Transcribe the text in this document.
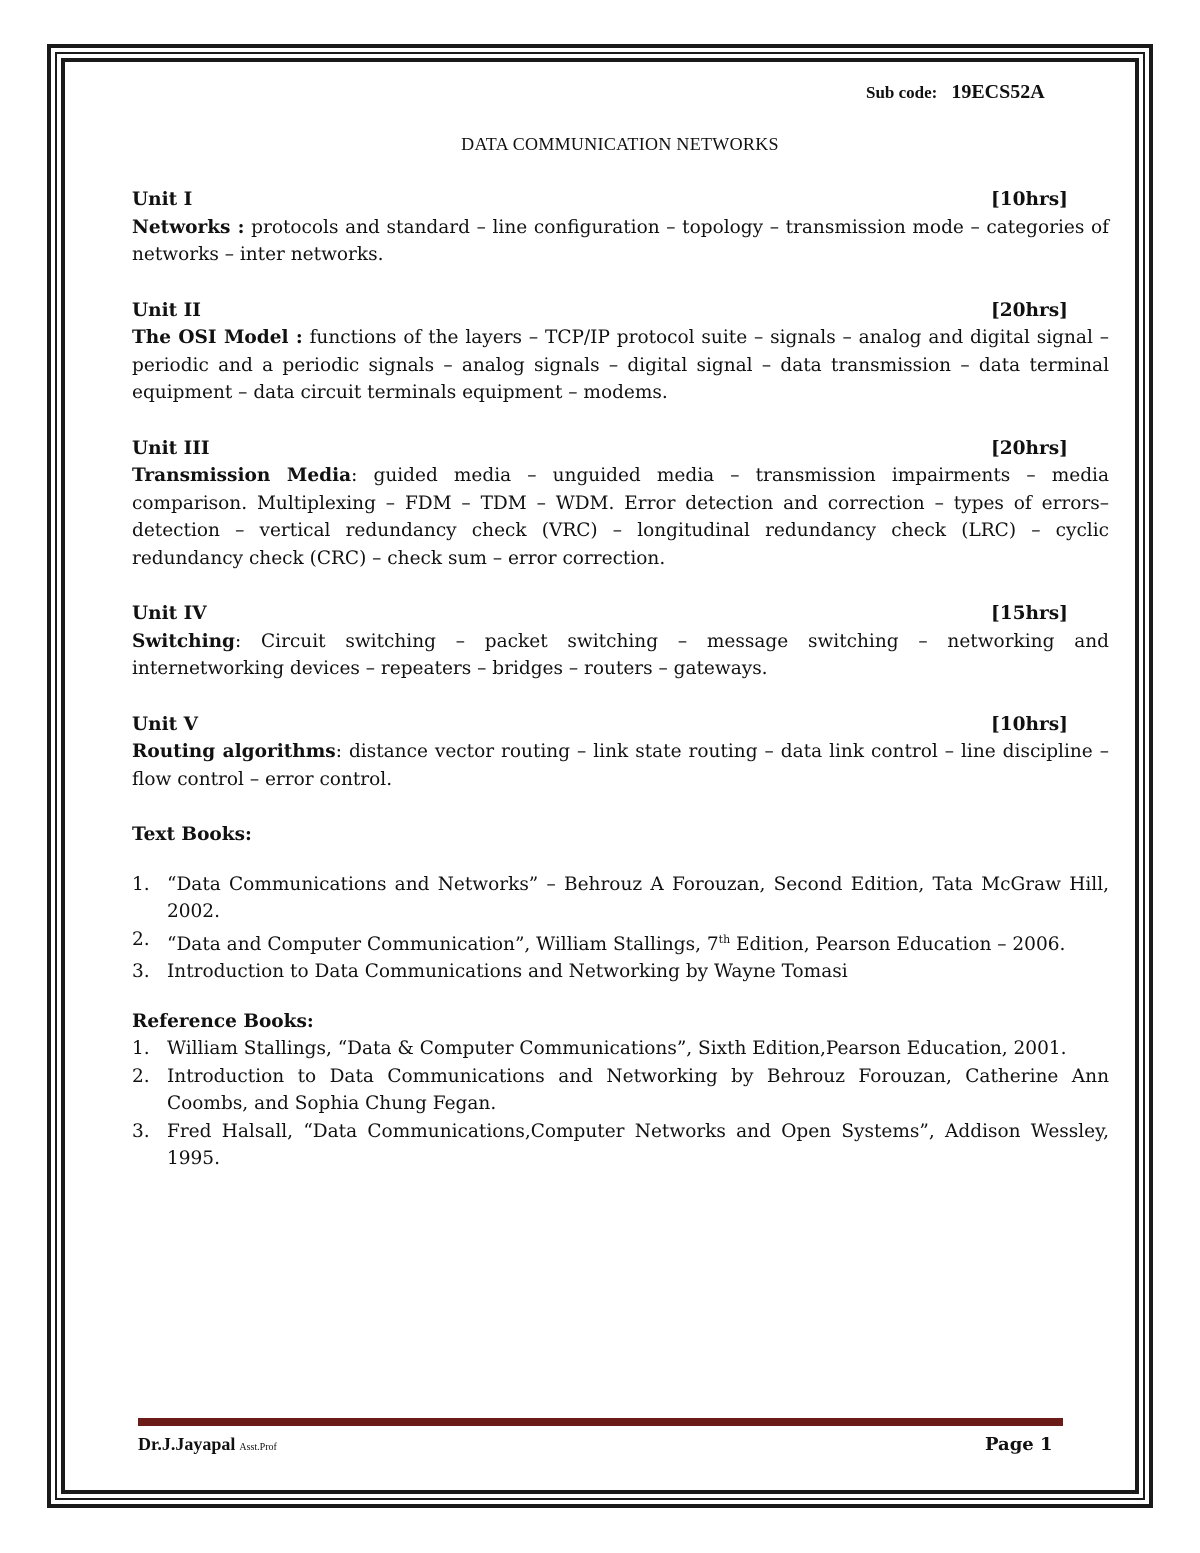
Sub code: 19ECS52A
DATA COMMUNICATION NETWORKS
Unit I	[10hrs]
Networks : protocols and standard – line configuration – topology – transmission mode – categories of networks – inter networks.
Unit II	[20hrs]
The OSI Model : functions of the layers – TCP/IP protocol suite – signals – analog and digital signal – periodic and a periodic signals – analog signals – digital signal – data transmission – data terminal equipment – data circuit terminals equipment – modems.
Unit III	[20hrs]
Transmission Media: guided media – unguided media – transmission impairments – media comparison. Multiplexing – FDM – TDM – WDM. Error detection and correction – types of errors– detection – vertical redundancy check (VRC) – longitudinal redundancy check (LRC) – cyclic redundancy check (CRC) – check sum – error correction.
Unit IV	[15hrs]
Switching: Circuit switching – packet switching – message switching – networking and internetworking devices – repeaters – bridges – routers – gateways.
Unit V	[10hrs]
Routing algorithms: distance vector routing – link state routing – data link control – line discipline – flow control – error control.
Text Books:
1. “Data Communications and Networks” – Behrouz A Forouzan, Second Edition, Tata McGraw Hill, 2002.
2. “Data and Computer Communication”, William Stallings, 7th Edition, Pearson Education – 2006.
3. Introduction to Data Communications and Networking by Wayne Tomasi
Reference Books:
1. William Stallings, “Data & Computer Communications”, Sixth Edition,Pearson Education, 2001.
2. Introduction to Data Communications and Networking by Behrouz Forouzan, Catherine Ann Coombs, and Sophia Chung Fegan.
3. Fred Halsall, “Data Communications,Computer Networks and Open Systems”, Addison Wessley, 1995.
Dr.J.Jayapal Asst.Prof	Page 1
